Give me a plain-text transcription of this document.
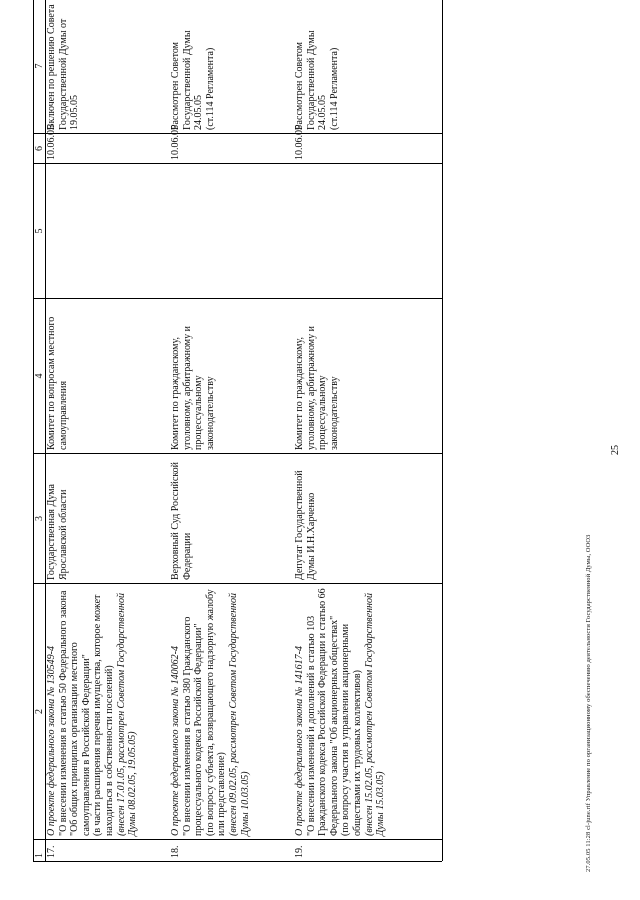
1	2	3	4	5	6	7
17.	О проекте федерального закона № 130549-4
"О внесении изменения в статью 50 Федерального закона "Об общих принципах организации местного самоуправления в Российской Федерации"
(в части расширения перечня имущества, которое может находиться в собственности поселений)
(внесен 17.01.05, рассмотрен Советом Государственной Думы 08.02.05, 19.05.05)	Государственная Дума Ярославской области	Комитет по вопросам местного самоуправления		10.06.05	Включен по решению Совета Государственной Думы от 19.05.05
18.	О проекте федерального закона № 140062-4
"О внесении изменения в статью 380 Гражданского процессуального кодекса Российской Федерации"
(по вопросу субъекта, возвращающего надзорную жалобу или представление)
(внесен 09.02.05, рассмотрен Советом Государственной Думы 10.03.05)	Верховный Суд Российской Федерации	Комитет по гражданскому, уголовному, арбитражному и процессуальному законодательству		10.06.05	Рассмотрен Советом Государственной Думы 24.05.05
(ст.114 Регламента)
19.	О проекте федерального закона № 141617-4
"О внесении изменений и дополнений в статью 103 Гражданского кодекса Российской Федерации и статью 66 Федерального закона "Об акционерных обществах"
(по вопросу участия в управлении акционерными обществами их трудовых коллективов)
(внесен 15.02.05, рассмотрен Советом Государственной Думы 15.03.05)	Депутат Государственной Думы И.Н.Харченко	Комитет по гражданскому, уголовному, арбитражному и процессуальному законодательству		10.06.05	Рассмотрен Советом Государственной Думы 24.05.05
(ст.114 Регламента)

27.05.05 11:28 cl-june.rtf Управление по организационному обеспечению деятельности Государственной Думы, ООО3
25
